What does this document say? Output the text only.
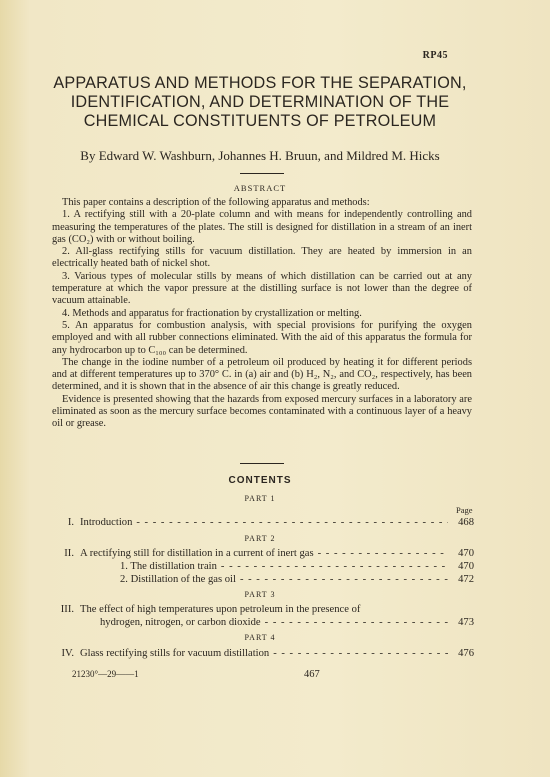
RP45
APPARATUS AND METHODS FOR THE SEPARATION,
IDENTIFICATION, AND DETERMINATION OF THE
CHEMICAL CONSTITUENTS OF PETROLEUM
By Edward W. Washburn, Johannes H. Bruun, and Mildred M. Hicks
ABSTRACT

This paper contains a description of the following apparatus and methods:

1. A rectifying still with a 20-plate column and with means for independently controlling and measuring the temperatures of the plates. The still is designed for distillation in a stream of an inert gas (CO₂) with or without boiling.

2. All-glass rectifying stills for vacuum distillation. They are heated by immersion in an electrically heated bath of nickel shot.

3. Various types of molecular stills by means of which distillation can be carried out at any temperature at which the vapor pressure at the distilling surface is not lower than the degree of vacuum attainable.

4. Methods and apparatus for fractionation by crystallization or melting.

5. An apparatus for combustion analysis, with special provisions for purifying the oxygen employed and with all rubber connections eliminated. With the aid of this apparatus the formula for any hydrocarbon up to C₁₀₀ can be determined.

The change in the iodine number of a petroleum oil produced by heating it for different periods and at different temperatures up to 370° C. in (a) air and (b) H₂, N₂, and CO₂, respectively, has been determined, and it is shown that in the absence of air this change is greatly reduced.

Evidence is presented showing that the hazards from exposed mercury surfaces in a laboratory are eliminated as soon as the mercury surface becomes contaminated with a continuous layer of a heavy oil or grease.

CONTENTS
PART 1
Page
I. Introduction - - -	468
PART 2
II. A rectifying still for distillation in a current of inert gas - - -	470
1. The distillation train - - -	470
2. Distillation of the gas oil - - -	472
PART 3
III. The effect of high temperatures upon petroleum in the presence of
hydrogen, nitrogen, or carbon dioxide - - -	473
PART 4
IV. Glass rectifying stills for vacuum distillation - - -	476
21230°—29——1	467
